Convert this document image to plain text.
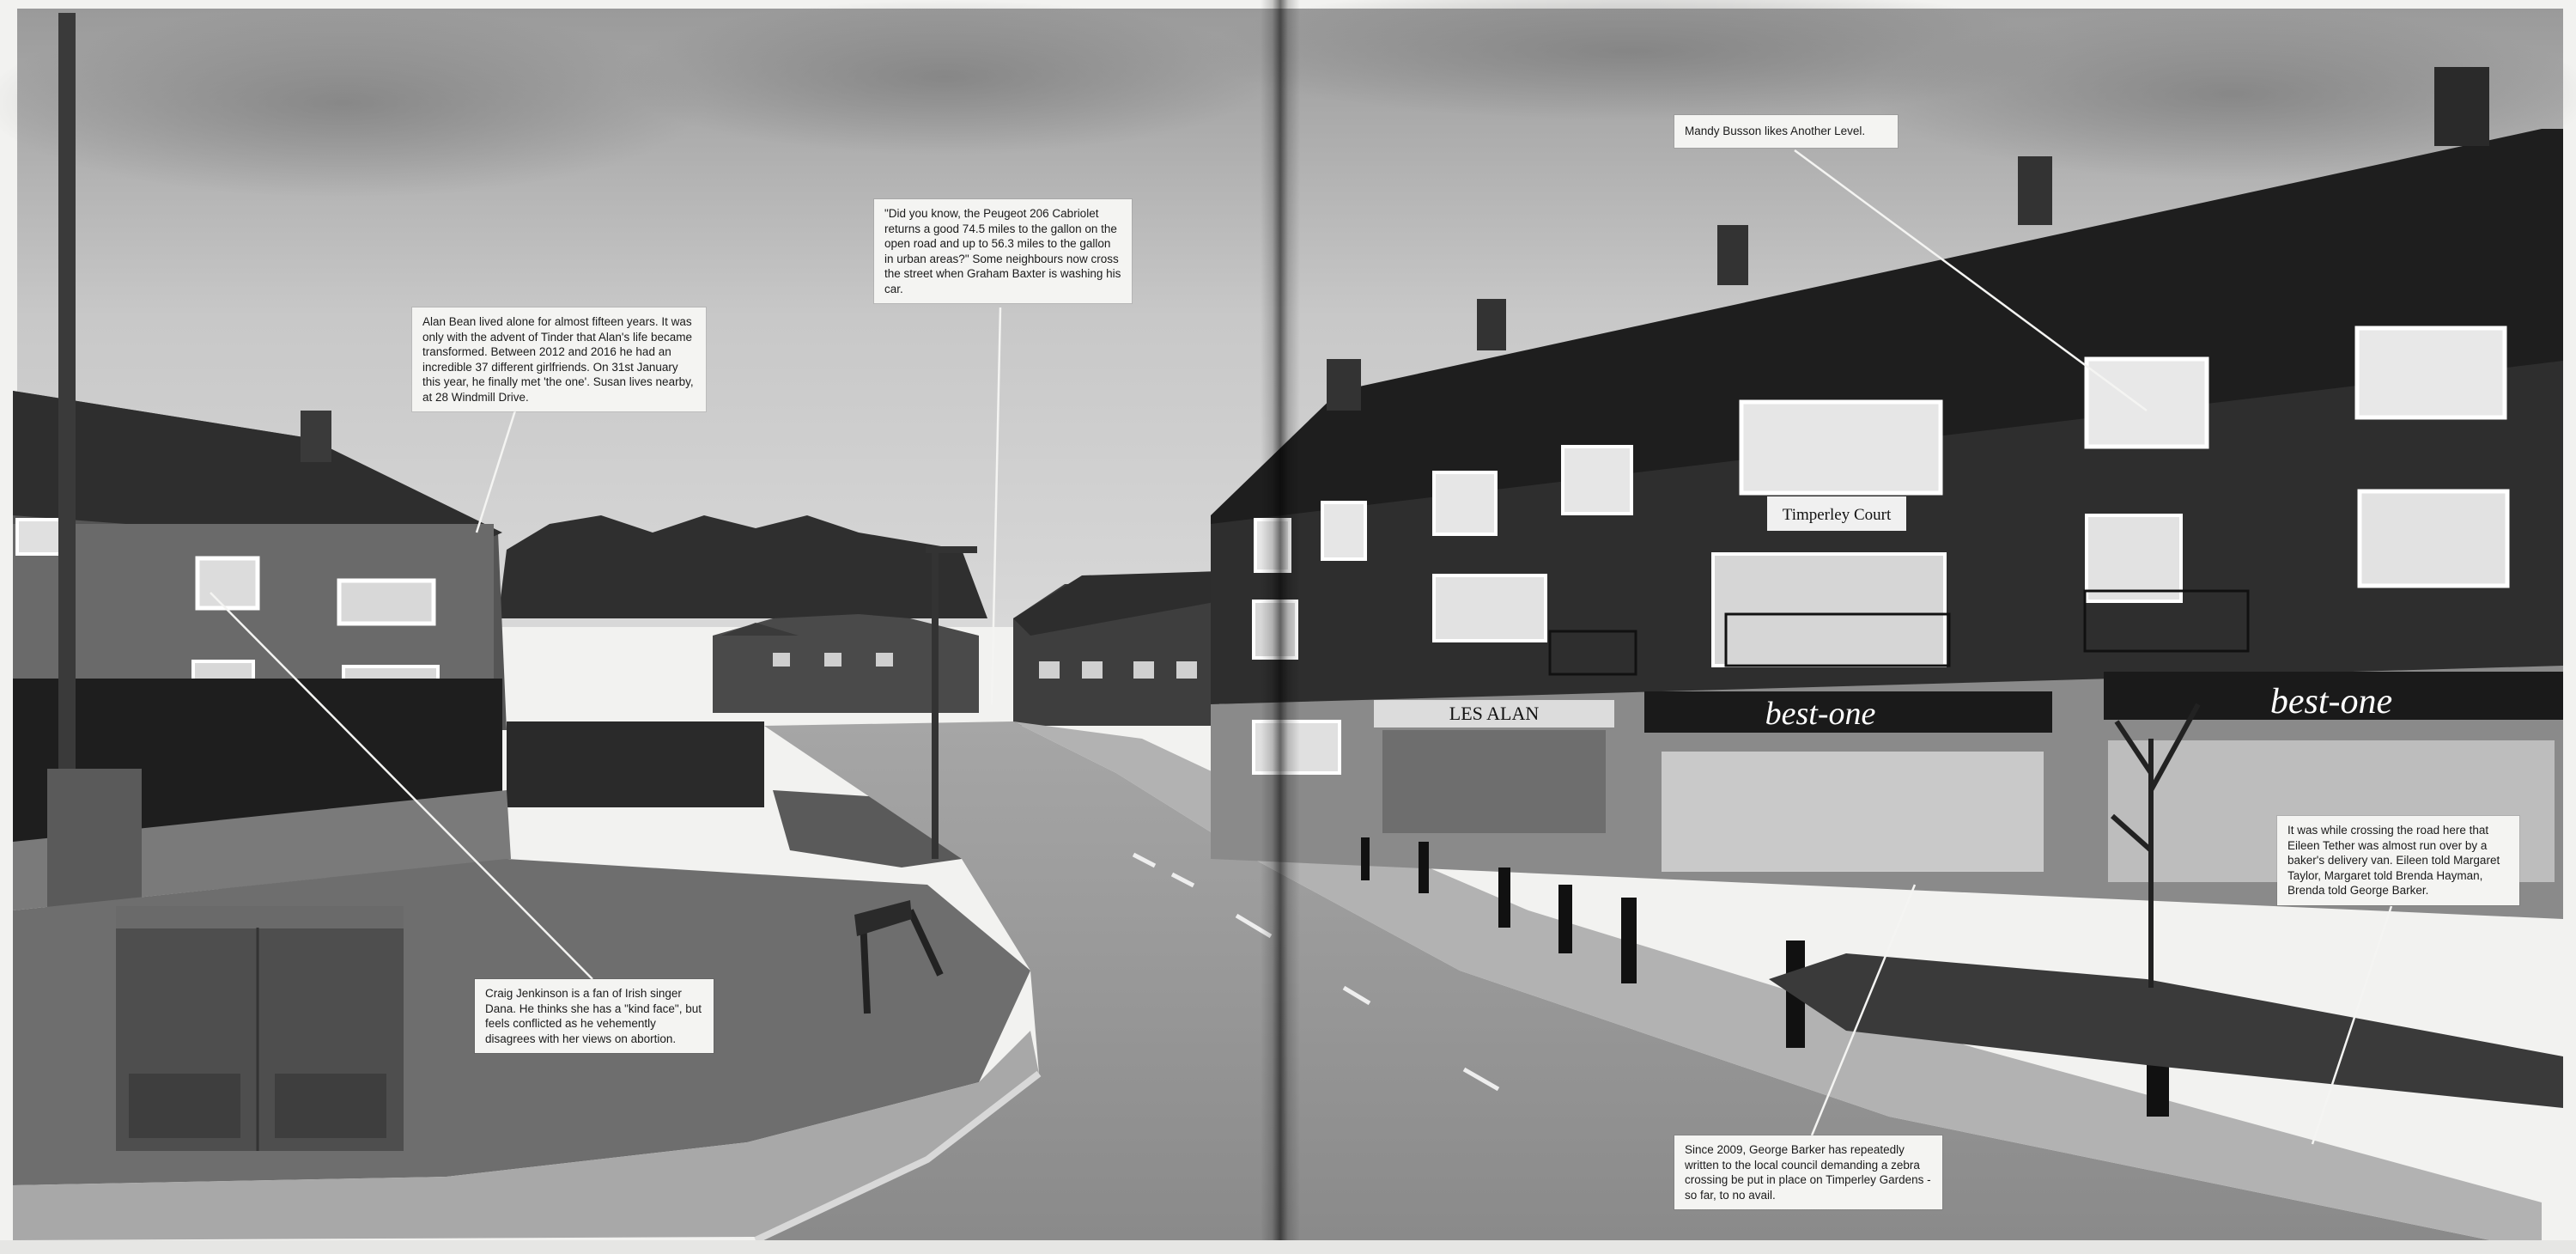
Timperley Court
best-one	best-one
LES ALAN
Alan Bean lived alone for almost fifteen years. It was only with the advent of Tinder that Alan's life became transformed. Between 2012 and 2016 he had an incredible 37 different girlfriends. On 31st January this year, he finally met 'the one'. Susan lives nearby, at 28 Windmill Drive.
"Did you know, the Peugeot 206 Cabriolet returns a good 74.5 miles to the gallon on the open road and up to 56.3 miles to the gallon in urban areas?" Some neighbours now cross the street when Graham Baxter is washing his car.
Mandy Busson likes Another Level.
Craig Jenkinson is a fan of Irish singer Dana. He thinks she has a "kind face", but feels conflicted as he vehemently disagrees with her views on abortion.
Since 2009, George Barker has repeatedly written to the local council demanding a zebra crossing be put in place on Timperley Gardens - so far, to no avail.
It was while crossing the road here that Eileen Tether was almost run over by a baker's delivery van. Eileen told Margaret Taylor, Margaret told Brenda Hayman, Brenda told George Barker.
